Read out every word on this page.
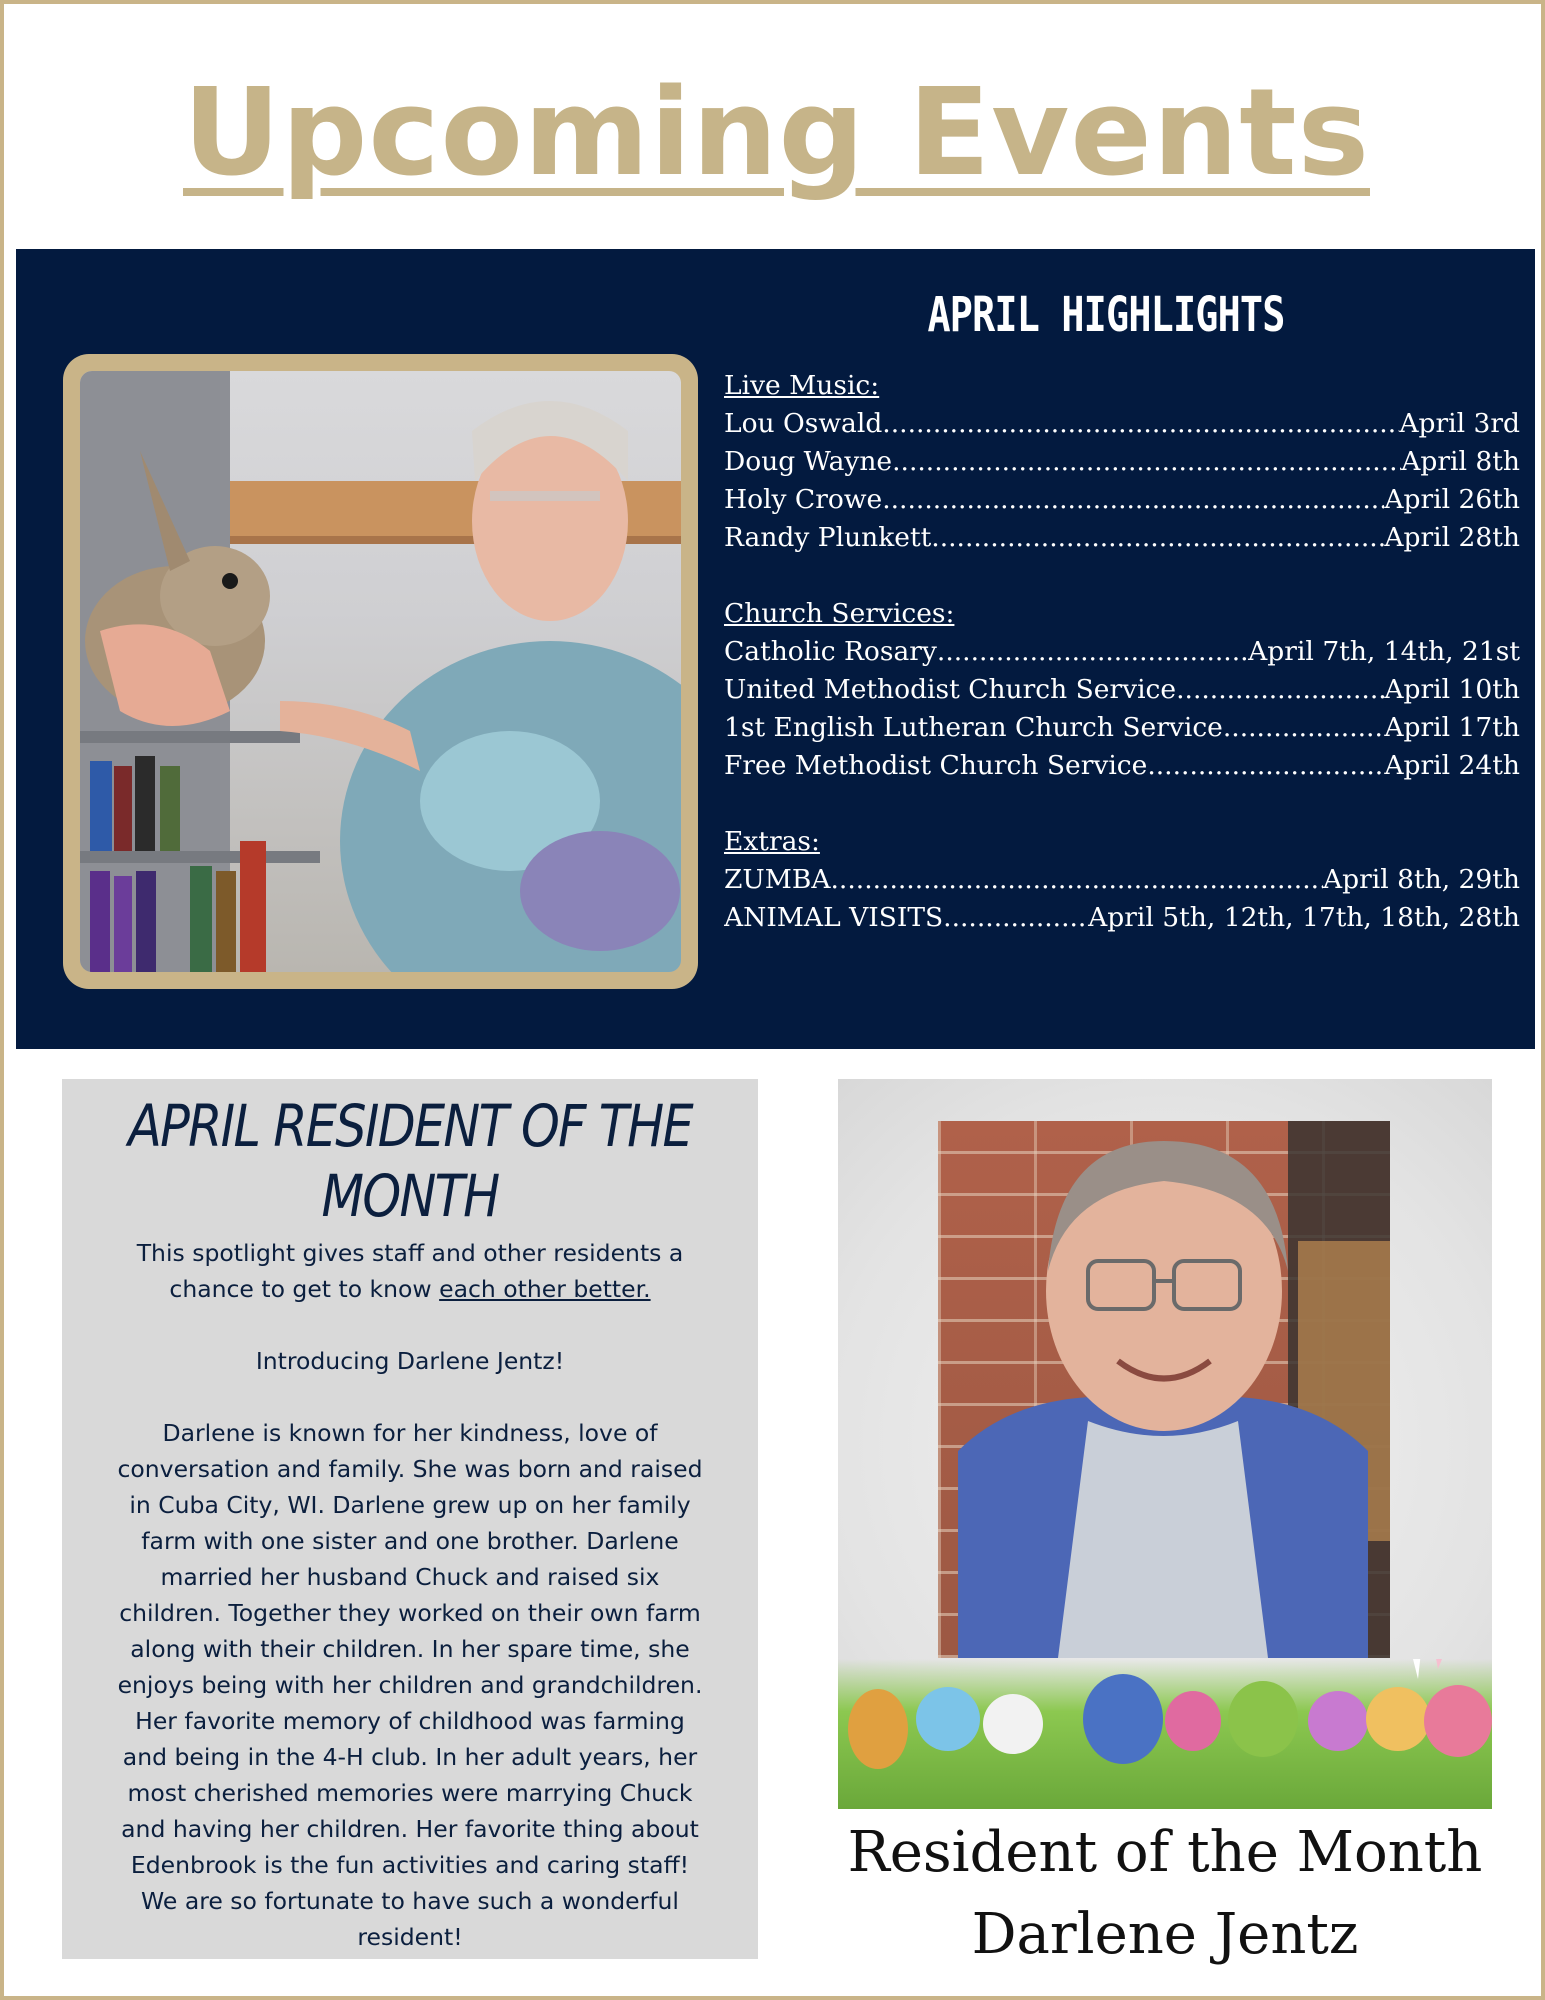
Upcoming Events
APRIL HIGHLIGHTS
Live Music:
Lou Oswald .....	April 3rd
Doug Wayne .....	April 8th
Holy Crowe .....	April 26th
Randy Plunkett .....	April 28th
Church Services:
Catholic Rosary .....	April 7th, 14th, 21st
United Methodist Church Service .....	April 10th
1st English Lutheran Church Service .....	April 17th
Free Methodist Church Service .....	April 24th
Extras:
ZUMBA .....	April 8th, 29th
ANIMAL VISITS .....	April 5th, 12th, 17th, 18th, 28th
APRIL RESIDENT OF THE
MONTH
This spotlight gives staff and other residents a
chance to get to know each other better.
Introducing Darlene Jentz!
Darlene is known for her kindness, love of
conversation and family. She was born and raised
in Cuba City, WI. Darlene grew up on her family
farm with one sister and one brother. Darlene
married her husband Chuck and raised six
children. Together they worked on their own farm
along with their children. In her spare time, she
enjoys being with her children and grandchildren.
Her favorite memory of childhood was farming
and being in the 4-H club. In her adult years, her
most cherished memories were marrying Chuck
and having her children. Her favorite thing about
Edenbrook is the fun activities and caring staff!
We are so fortunate to have such a wonderful
resident!
Resident of the Month
Darlene Jentz
